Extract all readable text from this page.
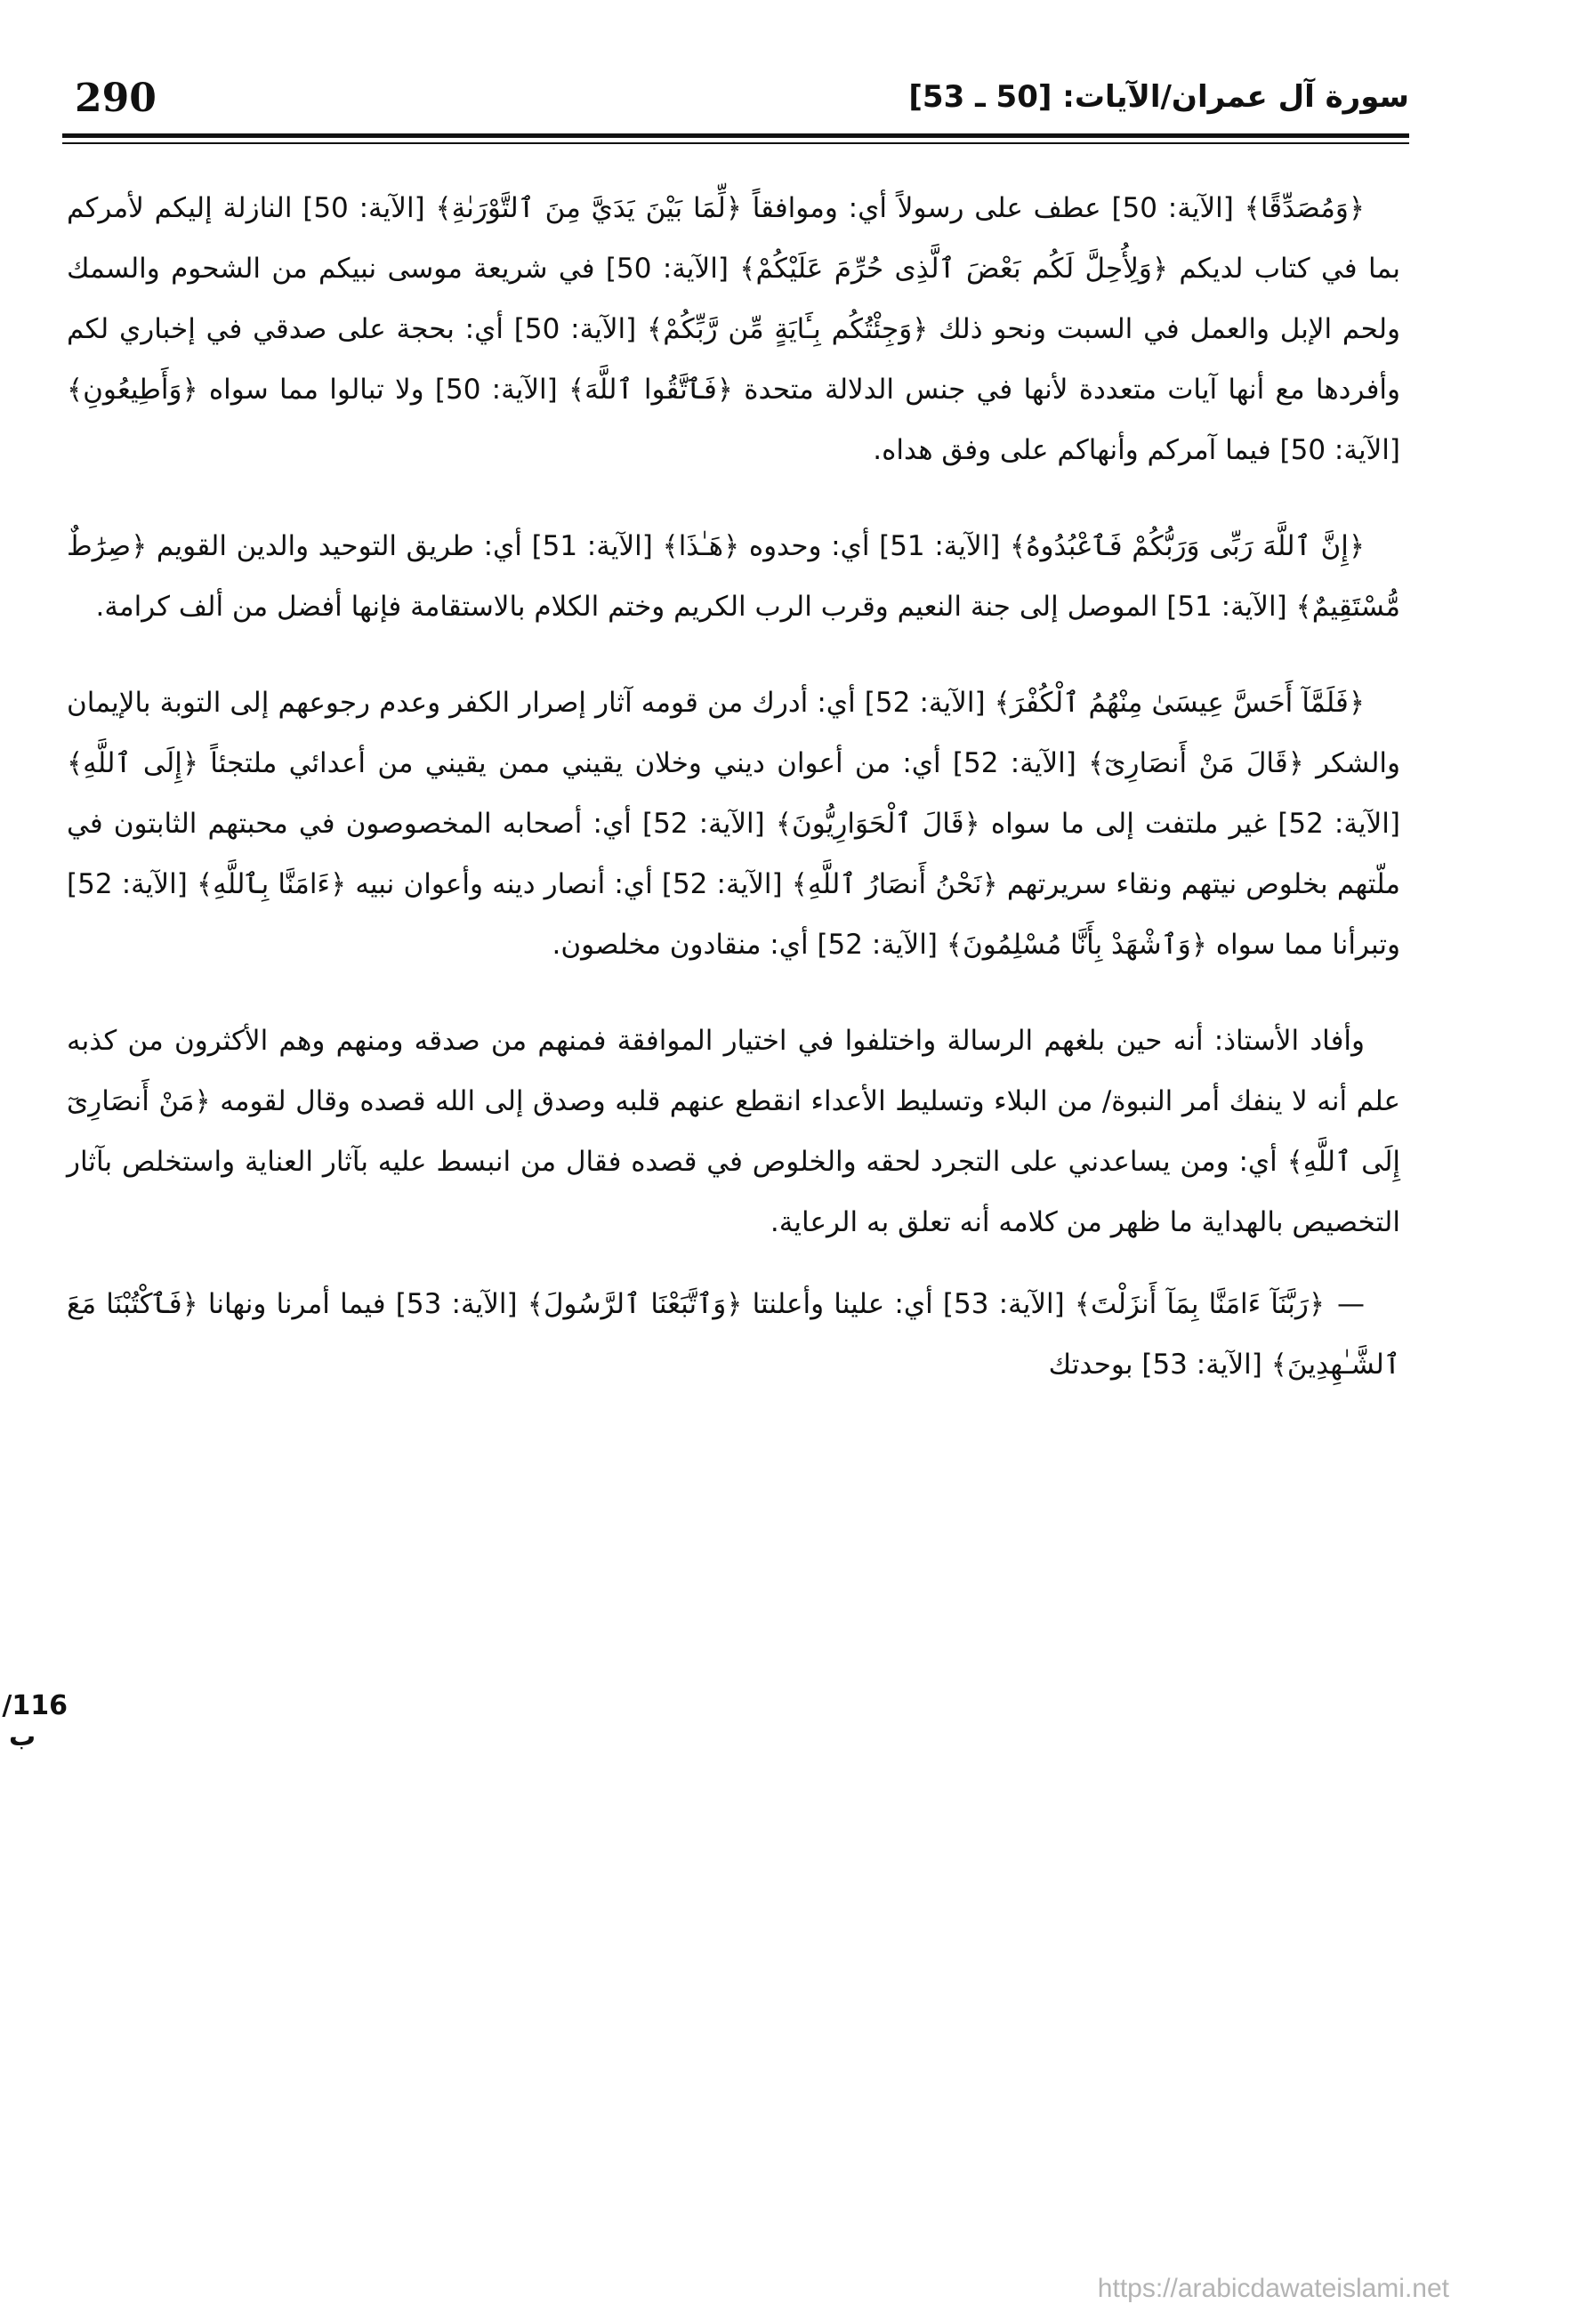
290	سورة آل عمران/الآيات: [50 ـ 53]

﴿وَمُصَدِّقًا﴾ [الآية: 50] عطف على رسولاً أي: وموافقاً ﴿لِّمَا بَيْنَ يَدَيَّ مِنَ ٱلتَّوْرَىٰةِ﴾ [الآية: 50] النازلة إليكم لأمركم بما في كتاب لديكم ﴿وَلِأُحِلَّ لَكُم بَعْضَ ٱلَّذِى حُرِّمَ عَلَيْكُمْ﴾ [الآية: 50] في شريعة موسى نبيكم من الشحوم والسمك ولحم الإبل والعمل في السبت ونحو ذلك ﴿وَجِئْتُكُم بِـَٔايَةٍ مِّن رَّبِّكُمْ﴾ [الآية: 50] أي: بحجة على صدقي في إخباري لكم وأفردها مع أنها آيات متعددة لأنها في جنس الدلالة متحدة ﴿فَٱتَّقُوا ٱللَّهَ﴾ [الآية: 50] ولا تبالوا مما سواه ﴿وَأَطِيعُونِ﴾ [الآية: 50] فيما آمركم وأنهاكم على وفق هداه.

﴿إِنَّ ٱللَّهَ رَبِّى وَرَبُّكُمْ فَٱعْبُدُوهُ﴾ [الآية: 51] أي: وحدوه ﴿هَـٰذَا﴾ [الآية: 51] أي: طريق التوحيد والدين القويم ﴿صِرَٰطٌ مُّسْتَقِيمٌ﴾ [الآية: 51] الموصل إلى جنة النعيم وقرب الرب الكريم وختم الكلام بالاستقامة فإنها أفضل من ألف كرامة.

﴿فَلَمَّآ أَحَسَّ عِيسَىٰ مِنْهُمُ ٱلْكُفْرَ﴾ [الآية: 52] أي: أدرك من قومه آثار إصرار الكفر وعدم رجوعهم إلى التوبة بالإيمان والشكر ﴿قَالَ مَنْ أَنصَارِىٓ﴾ [الآية: 52] أي: من أعوان ديني وخلان يقيني ممن يقيني من أعدائي ملتجئاً ﴿إِلَى ٱللَّهِ﴾ [الآية: 52] غير ملتفت إلى ما سواه ﴿قَالَ ٱلْحَوَارِيُّونَ﴾ [الآية: 52] أي: أصحابه المخصوصون في محبتهم الثابتون في ملّتهم بخلوص نيتهم ونقاء سريرتهم ﴿نَحْنُ أَنصَارُ ٱللَّهِ﴾ [الآية: 52] أي: أنصار دينه وأعوان نبيه ﴿ءَامَنَّا بِٱللَّهِ﴾ [الآية: 52] وتبرأنا مما سواه ﴿وَٱشْهَدْ بِأَنَّا مُسْلِمُونَ﴾ [الآية: 52] أي: منقادون مخلصون.

وأفاد الأستاذ: أنه حين بلغهم الرسالة واختلفوا في اختيار الموافقة فمنهم من صدقه ومنهم وهم الأكثرون من كذبه علم أنه لا ينفك أمر النبوة/ من البلاء وتسليط الأعداء انقطع عنهم قلبه وصدق إلى الله قصده وقال لقومه ﴿مَنْ أَنصَارِىٓ إِلَى ٱللَّهِ﴾ أي: ومن يساعدني على التجرد لحقه والخلوص في قصده فقال من انبسط عليه بآثار العناية واستخلص بآثار التخصيص بالهداية ما ظهر من كلامه أنه تعلق به الرعاية.

—﴿رَبَّنَآ ءَامَنَّا بِمَآ أَنزَلْتَ﴾ [الآية: 53] أي: علينا وأعلنتا ﴿وَٱتَّبَعْنَا ٱلرَّسُولَ﴾ [الآية: 53] فيما أمرنا ونهانا ﴿فَٱكْتُبْنَا مَعَ ٱلشَّـٰهِدِينَ﴾ [الآية: 53] بوحدتك

116/ب
https://arabicdawateislami.net
